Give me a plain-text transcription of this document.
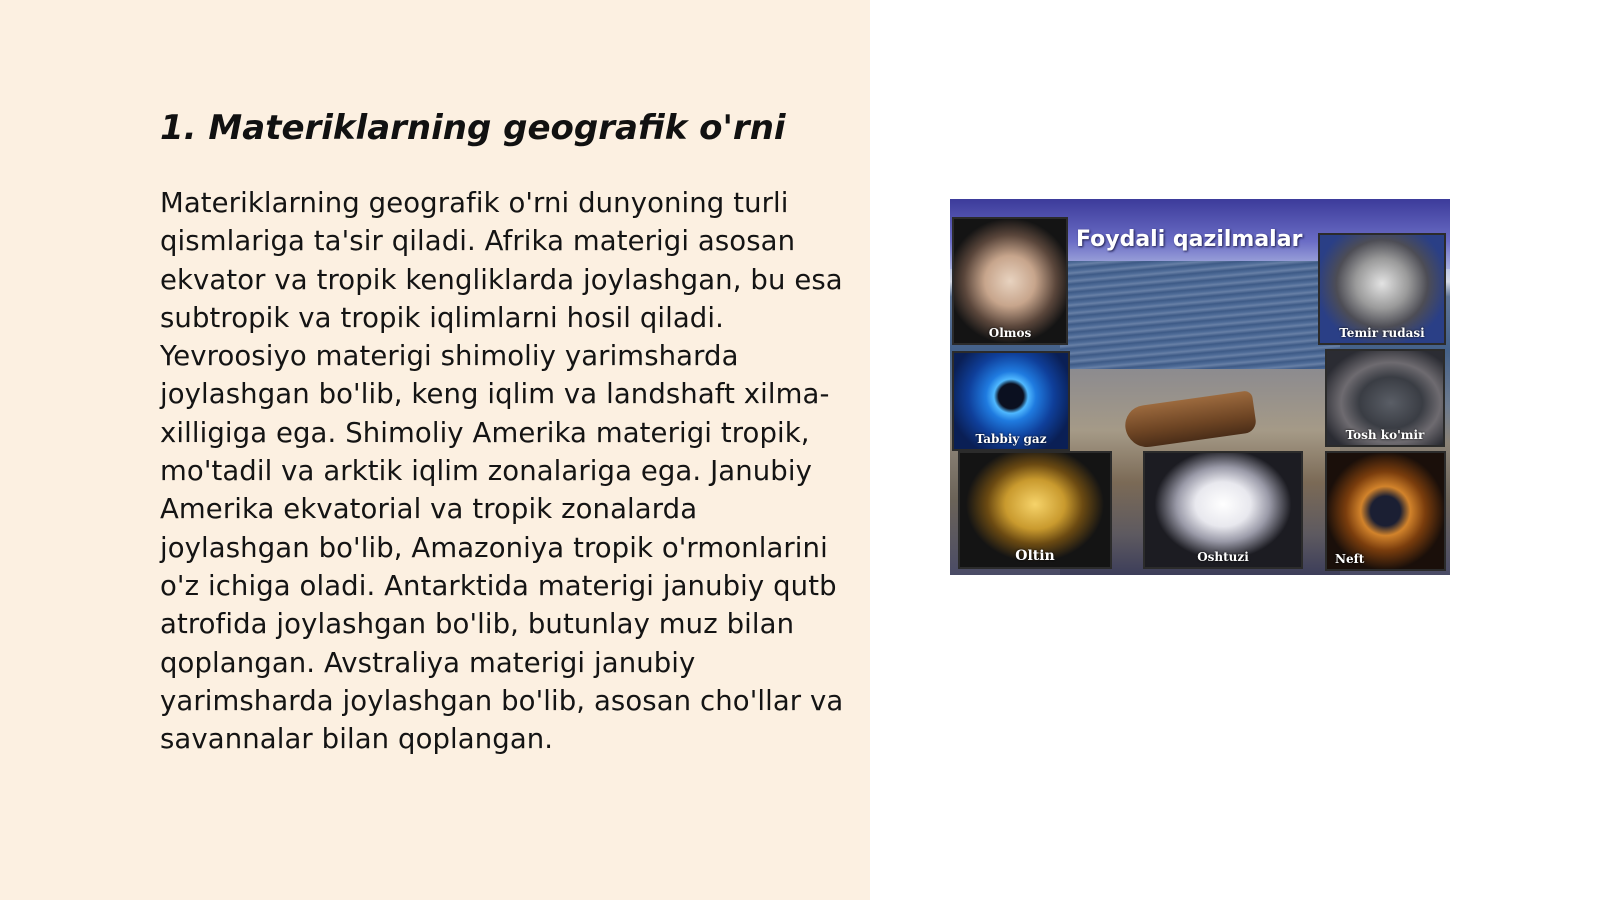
1. Materiklarning geografik o'rni

Materiklarning geografik o'rni dunyoning turli qismlariga ta'sir qiladi. Afrika materigi asosan ekvator va tropik kengliklarda joylashgan, bu esa subtropik va tropik iqlimlarni hosil qiladi. Yevroosiyo materigi shimoliy yarimsharda joylashgan bo'lib, keng iqlim va landshaft xilma-xilligiga ega. Shimoliy Amerika materigi tropik, mo'tadil va arktik iqlim zonalariga ega. Janubiy Amerika ekvatorial va tropik zonalarda joylashgan bo'lib, Amazoniya tropik o'rmonlarini o'z ichiga oladi. Antarktida materigi janubiy qutb atrofida joylashgan bo'lib, butunlay muz bilan qoplangan. Avstraliya materigi janubiy yarimsharda joylashgan bo'lib, asosan cho'llar va savannalar bilan qoplangan.

Foydali qazilmalar
Olmos
Tabbiy gaz
Oltin	Oshtuzi
Temir rudasi
Tosh ko'mir
Neft
